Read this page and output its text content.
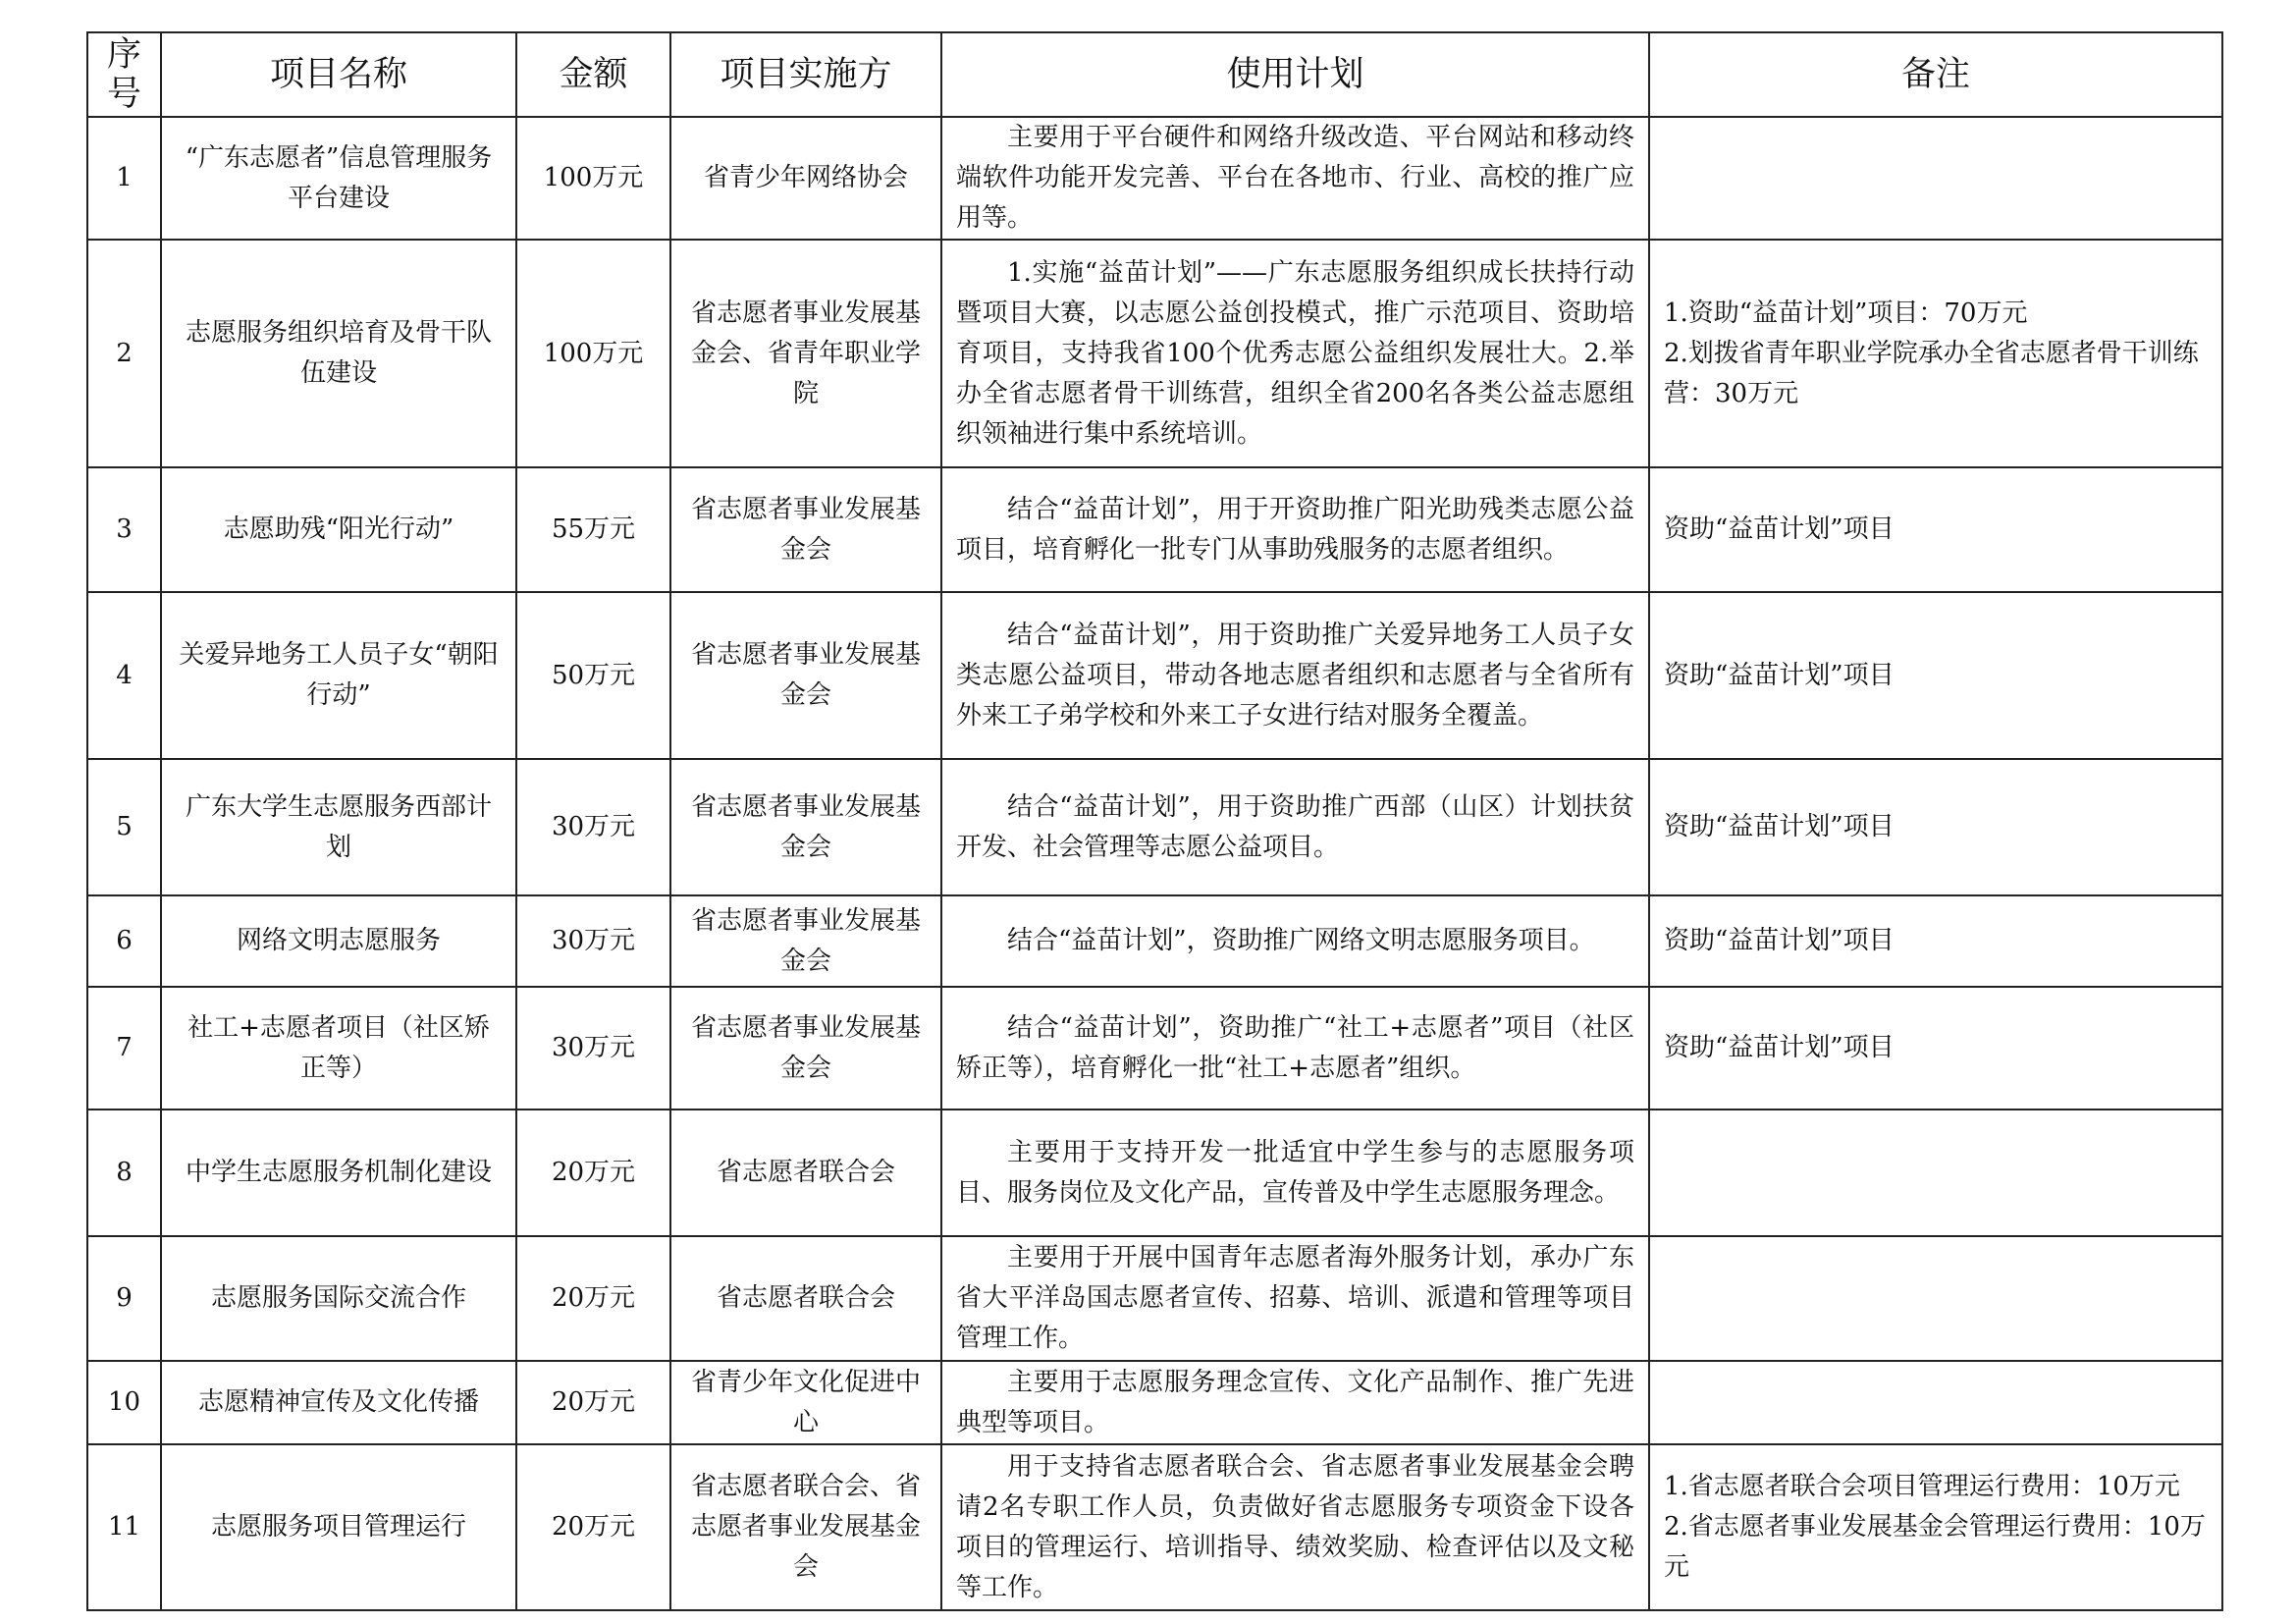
序号	项目名称	金额	项目实施方	使用计划	备注
1	“广东志愿者”信息管理服务平台建设	100万元	省青少年网络协会	主要用于平台硬件和网络升级改造、平台网站和移动终端软件功能开发完善、平台在各地市、行业、高校的推广应用等。	
2	志愿服务组织培育及骨干队伍建设	100万元	省志愿者事业发展基金会、省青年职业学院	1.实施“益苗计划”——广东志愿服务组织成长扶持行动暨项目大赛，以志愿公益创投模式，推广示范项目、资助培育项目，支持我省100个优秀志愿公益组织发展壮大。2.举办全省志愿者骨干训练营，组织全省200名各类公益志愿组织领袖进行集中系统培训。	1.资助“益苗计划”项目：70万元
2.划拨省青年职业学院承办全省志愿者骨干训练营：30万元

3	志愿助残“阳光行动”	55万元	省志愿者事业发展基金会	结合“益苗计划”，用于开资助推广阳光助残类志愿公益项目，培育孵化一批专门从事助残服务的志愿者组织。	资助“益苗计划”项目

4	关爱异地务工人员子女“朝阳行动”	50万元	省志愿者事业发展基金会	结合“益苗计划”，用于资助推广关爱异地务工人员子女类志愿公益项目，带动各地志愿者组织和志愿者与全省所有外来工子弟学校和外来工子女进行结对服务全覆盖。	资助“益苗计划”项目

5	广东大学生志愿服务西部计划	30万元	省志愿者事业发展基金会	结合“益苗计划”，用于资助推广西部（山区）计划扶贫开发、社会管理等志愿公益项目。	资助“益苗计划”项目

6	网络文明志愿服务	30万元	省志愿者事业发展基金会	结合“益苗计划”，资助推广网络文明志愿服务项目。	资助“益苗计划”项目

7	社工+志愿者项目（社区矫正等）	30万元	省志愿者事业发展基金会	结合“益苗计划”，资助推广“社工+志愿者”项目（社区矫正等），培育孵化一批“社工+志愿者”组织。	资助“益苗计划”项目

8	中学生志愿服务机制化建设	20万元	省志愿者联合会	主要用于支持开发一批适宜中学生参与的志愿服务项目、服务岗位及文化产品，宣传普及中学生志愿服务理念。	
9	志愿服务国际交流合作	20万元	省志愿者联合会	主要用于开展中国青年志愿者海外服务计划，承办广东省大平洋岛国志愿者宣传、招募、培训、派遣和管理等项目管理工作。	
10	志愿精神宣传及文化传播	20万元	省青少年文化促进中心	主要用于志愿服务理念宣传、文化产品制作、推广先进典型等项目。	
11	志愿服务项目管理运行	20万元	省志愿者联合会、省志愿者事业发展基金会	用于支持省志愿者联合会、省志愿者事业发展基金会聘请2名专职工作人员，负责做好省志愿服务专项资金下设各项目的管理运行、培训指导、绩效奖励、检查评估以及文秘等工作。	1.省志愿者联合会项目管理运行费用：10万元
2.省志愿者事业发展基金会管理运行费用：10万元
